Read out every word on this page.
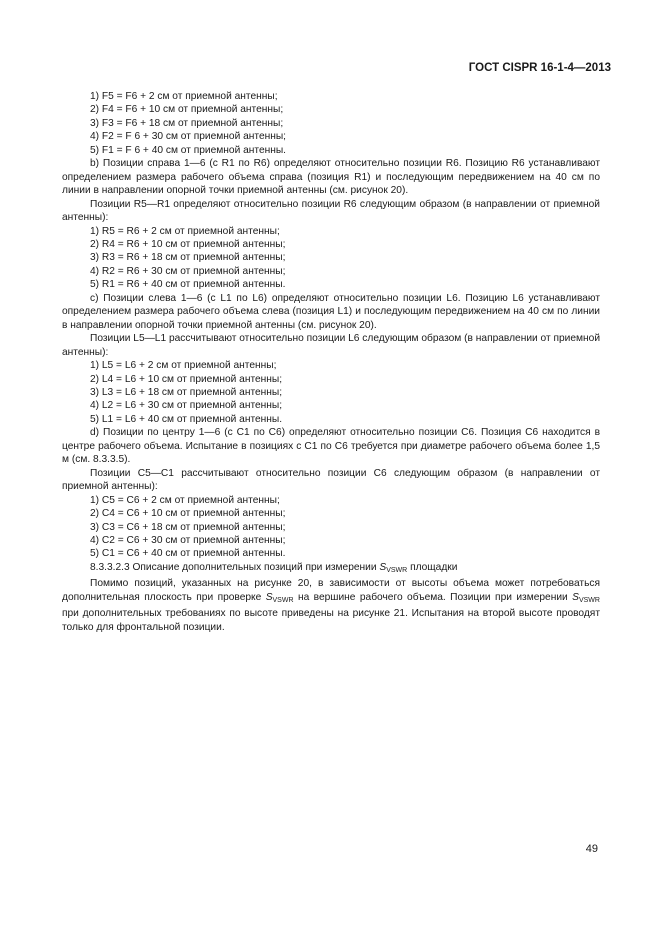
ГОСТ CISPR 16-1-4—2013

1) F5 = F6 + 2 см от приемной антенны;

2) F4 = F6 + 10 см от приемной антенны;

3) F3 = F6 + 18 см от приемной антенны;

4) F2 = F 6 + 30 см от приемной антенны;

5) F1 = F 6 + 40 см от приемной антенны.

b) Позиции справа 1—6 (с R1 по R6) определяют относительно позиции R6. Позицию R6 устанавливают определением размера рабочего объема справа (позиция R1) и последующим передвижением на 40 см по линии в направлении опорной точки приемной антенны (см. рисунок 20).

Позиции R5—R1 определяют относительно позиции R6 следующим образом (в направлении от приемной антенны):

1) R5 = R6 + 2 см от приемной антенны;

2) R4 = R6 + 10 см от приемной антенны;

3) R3 = R6 + 18 см от приемной антенны;

4) R2 = R6 + 30 см от приемной антенны;

5) R1 = R6 + 40 см от приемной антенны.

c) Позиции слева 1—6 (с L1 по L6) определяют относительно позиции L6. Позицию L6 устанавливают определением размера рабочего объема слева (позиция L1) и последующим передвижением на 40 см по линии в направлении опорной точки приемной антенны (см. рисунок 20).

Позиции L5—L1 рассчитывают относительно позиции L6 следующим образом (в направлении от приемной антенны):

1) L5 = L6 + 2 см от приемной антенны;

2) L4 = L6 + 10 см от приемной антенны;

3) L3 = L6 + 18 см от приемной антенны;

4) L2 = L6 + 30 см от приемной антенны;

5) L1 = L6 + 40 см от приемной антенны.

d) Позиции по центру 1—6 (с C1 по C6) определяют относительно позиции C6. Позиция C6 находится в центре рабочего объема. Испытание в позициях с C1 по C6 требуется при диаметре рабочего объема более 1,5 м (см. 8.3.3.5).

Позиции C5—C1 рассчитывают относительно позиции C6 следующим образом (в направлении от приемной антенны):

1) C5 = C6 + 2 см от приемной антенны;

2) C4 = C6 + 10 см от приемной антенны;

3) C3 = C6 + 18 см от приемной антенны;

4) C2 = C6 + 30 см от приемной антенны;

5) C1 = C6 + 40 см от приемной антенны.

8.3.3.2.3 Описание дополнительных позиций при измерении $S_{VSWR}$ площадки

Помимо позиций, указанных на рисунке 20, в зависимости от высоты объема может потребоваться дополнительная плоскость при проверке $S_{VSWR}$ на вершине рабочего объема. Позиции при измерении $S_{VSWR}$ при дополнительных требованиях по высоте приведены на рисунке 21. Испытания на второй высоте проводят только для фронтальной позиции.

49
